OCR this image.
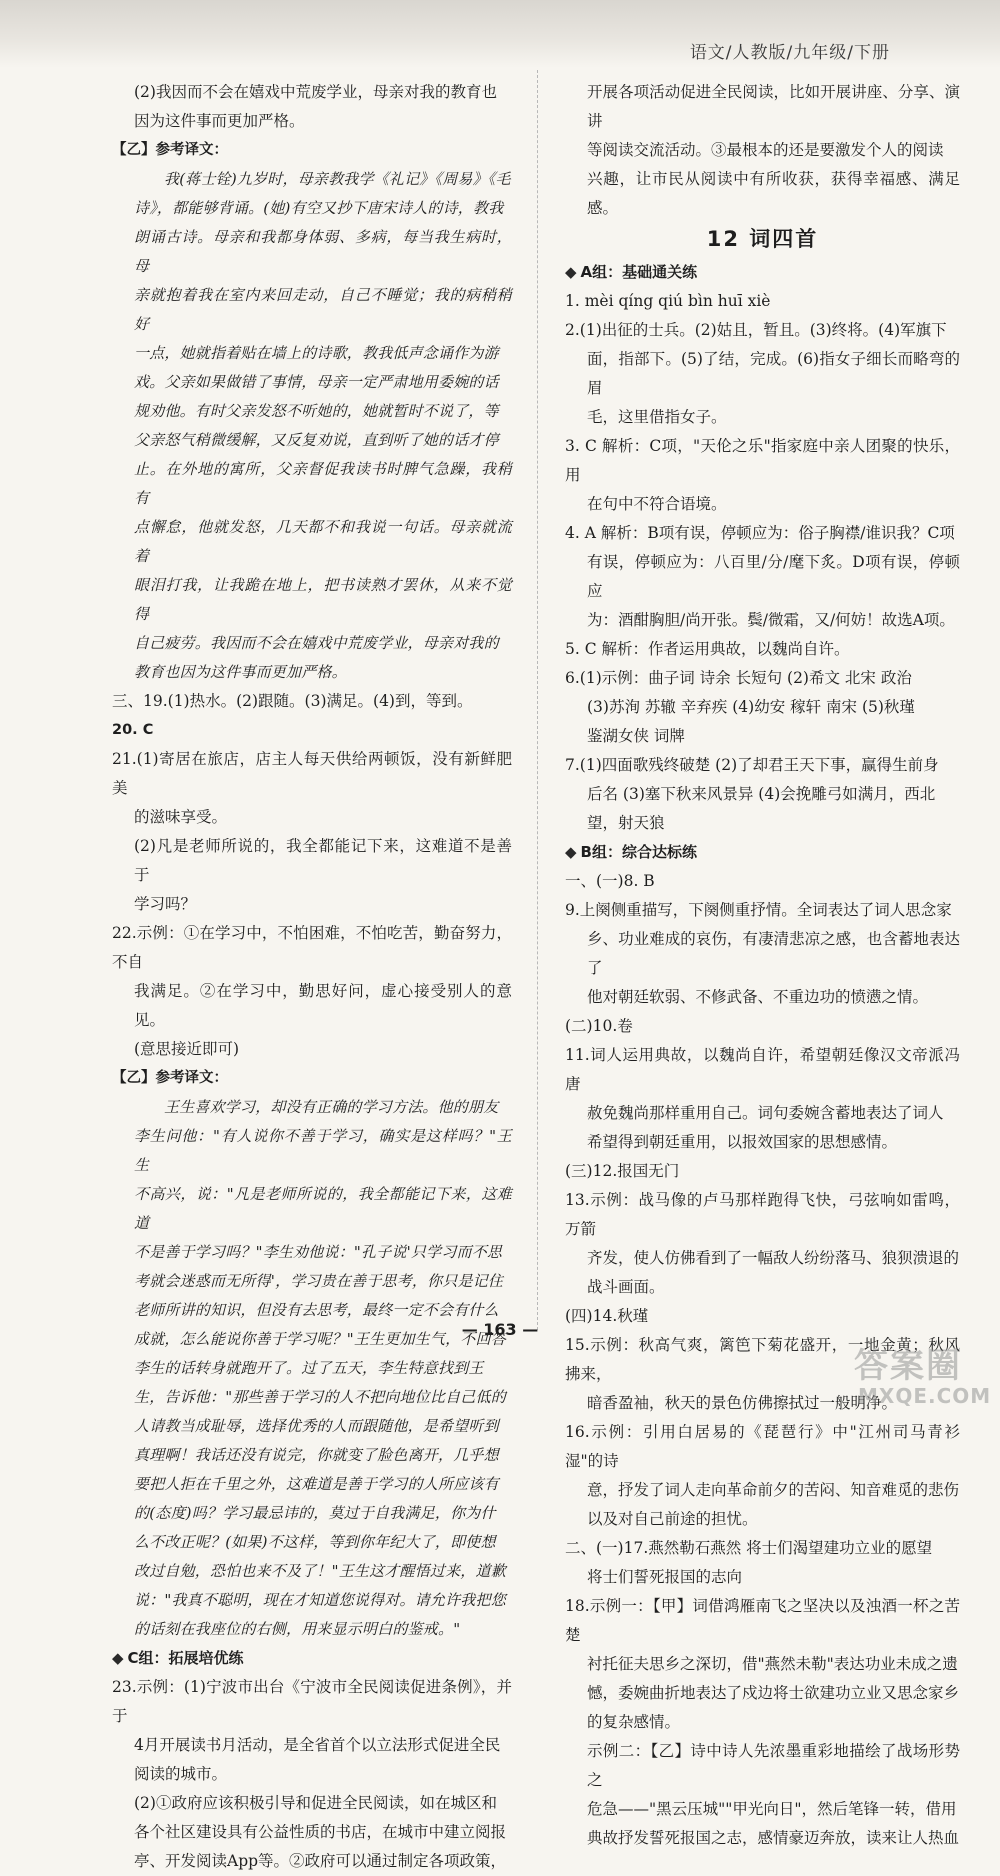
语文/人教版/九年级/下册

(2)我因而不会在嬉戏中荒废学业，母亲对我的教育也

因为这件事而更加严格。

【乙】参考译文：

我(蒋士铨)九岁时，母亲教我学《礼记》《周易》《毛

诗》，都能够背诵。(她)有空又抄下唐宋诗人的诗，教我

朗诵古诗。母亲和我都身体弱、多病，每当我生病时，母

亲就抱着我在室内来回走动，自己不睡觉；我的病稍稍好

一点，她就指着贴在墙上的诗歌，教我低声念诵作为游

戏。父亲如果做错了事情，母亲一定严肃地用委婉的话

规劝他。有时父亲发怒不听她的，她就暂时不说了，等

父亲怒气稍微缓解，又反复劝说，直到听了她的话才停

止。在外地的寓所，父亲督促我读书时脾气急躁，我稍有

点懈怠，他就发怒，几天都不和我说一句话。母亲就流着

眼泪打我，让我跪在地上，把书读熟才罢休，从来不觉得

自己疲劳。我因而不会在嬉戏中荒废学业，母亲对我的

教育也因为这件事而更加严格。

三、19.(1)热水。(2)跟随。(3)满足。(4)到，等到。

20. C

21.(1)寄居在旅店，店主人每天供给两顿饭，没有新鲜肥美

的滋味享受。

(2)凡是老师所说的，我全都能记下来，这难道不是善于

学习吗？

22.示例：①在学习中，不怕困难，不怕吃苦，勤奋努力，不自

我满足。②在学习中，勤思好问，虚心接受别人的意见。

(意思接近即可)

【乙】参考译文：

王生喜欢学习，却没有正确的学习方法。他的朋友

李生问他："有人说你不善于学习，确实是这样吗？"王生

不高兴，说："凡是老师所说的，我全都能记下来，这难道

不是善于学习吗？"李生劝他说："孔子说'只学习而不思

考就会迷惑而无所得'，学习贵在善于思考，你只是记住

老师所讲的知识，但没有去思考，最终一定不会有什么

成就，怎么能说你善于学习呢？"王生更加生气，不回答

李生的话转身就跑开了。过了五天，李生特意找到王

生，告诉他："那些善于学习的人不把向地位比自己低的

人请教当成耻辱，选择优秀的人而跟随他，是希望听到

真理啊！我话还没有说完，你就变了脸色离开，几乎想

要把人拒在千里之外，这难道是善于学习的人所应该有

的(态度)吗？学习最忌讳的，莫过于自我满足，你为什

么不改正呢？(如果)不这样，等到你年纪大了，即使想

改过自勉，恐怕也来不及了！"王生这才醒悟过来，道歉

说："我真不聪明，现在才知道您说得对。请允许我把您

的话刻在我座位的右侧，用来显示明白的鉴戒。"

◆ C组：拓展培优练

23.示例：(1)宁波市出台《宁波市全民阅读促进条例》，并于

4月开展读书月活动，是全省首个以立法形式促进全民

阅读的城市。

(2)①政府应该积极引导和促进全民阅读，如在城区和

各个社区建设具有公益性质的书店，在城市中建立阅报

亭、开发阅读App等。②政府可以通过制定各项政策，

开展各项活动促进全民阅读，比如开展讲座、分享、演讲

等阅读交流活动。③最根本的还是要激发个人的阅读

兴趣，让市民从阅读中有所收获，获得幸福感、满足感。

12 词四首

◆ A组：基础通关练

1. mèi qíng qiú bìn huī xiè

2.(1)出征的士兵。(2)姑且，暂且。(3)终将。(4)军旗下

面，指部下。(5)了结，完成。(6)指女子细长而略弯的眉

毛，这里借指女子。

3. C 解析：C项，"天伦之乐"指家庭中亲人团聚的快乐，用

在句中不符合语境。

4. A 解析：B项有误，停顿应为：俗子胸襟/谁识我？C项

有误，停顿应为：八百里/分/麾下炙。D项有误，停顿应

为：酒酣胸胆/尚开张。鬓/微霜，又/何妨！故选A项。

5. C 解析：作者运用典故，以魏尚自许。

6.(1)示例：曲子词 诗余 长短句 (2)希文 北宋 政治

(3)苏洵 苏辙 辛弃疾 (4)幼安 稼轩 南宋 (5)秋瑾

鉴湖女侠 词牌

7.(1)四面歌残终破楚 (2)了却君王天下事，赢得生前身

后名 (3)塞下秋来风景异 (4)会挽雕弓如满月，西北

望，射天狼

◆ B组：综合达标练

一、(一)8. B

9.上阕侧重描写，下阕侧重抒情。全词表达了词人思念家

乡、功业难成的哀伤，有凄清悲凉之感，也含蓄地表达了

他对朝廷软弱、不修武备、不重边功的愤懑之情。

(二)10.卷

11.词人运用典故，以魏尚自许，希望朝廷像汉文帝派冯唐

赦免魏尚那样重用自己。词句委婉含蓄地表达了词人

希望得到朝廷重用，以报效国家的思想感情。

(三)12.报国无门

13.示例：战马像的卢马那样跑得飞快，弓弦响如雷鸣，万箭

齐发，使人仿佛看到了一幅敌人纷纷落马、狼狈溃退的

战斗画面。

(四)14.秋瑾

15.示例：秋高气爽，篱笆下菊花盛开，一地金黄；秋风拂来，

暗香盈袖，秋天的景色仿佛擦拭过一般明净。

16.示例：引用白居易的《琵琶行》中"江州司马青衫湿"的诗

意，抒发了词人走向革命前夕的苦闷、知音难觅的悲伤

以及对自己前途的担忧。

二、(一)17.燕然勒石燕然 将士们渴望建功立业的愿望

将士们誓死报国的志向

18.示例一：【甲】词借鸿雁南飞之坚决以及浊酒一杯之苦楚

衬托征夫思乡之深切，借"燕然未勒"表达功业未成之遗

憾，委婉曲折地表达了戍边将士欲建功立业又思念家乡

的复杂感情。

示例二：【乙】诗中诗人先浓墨重彩地描绘了战场形势之

危急——"黑云压城""甲光向日"，然后笔锋一转，借用

典故抒发誓死报国之志，感情豪迈奔放，读来让人热血

— 163 —
答案圈
MXQE.COM
